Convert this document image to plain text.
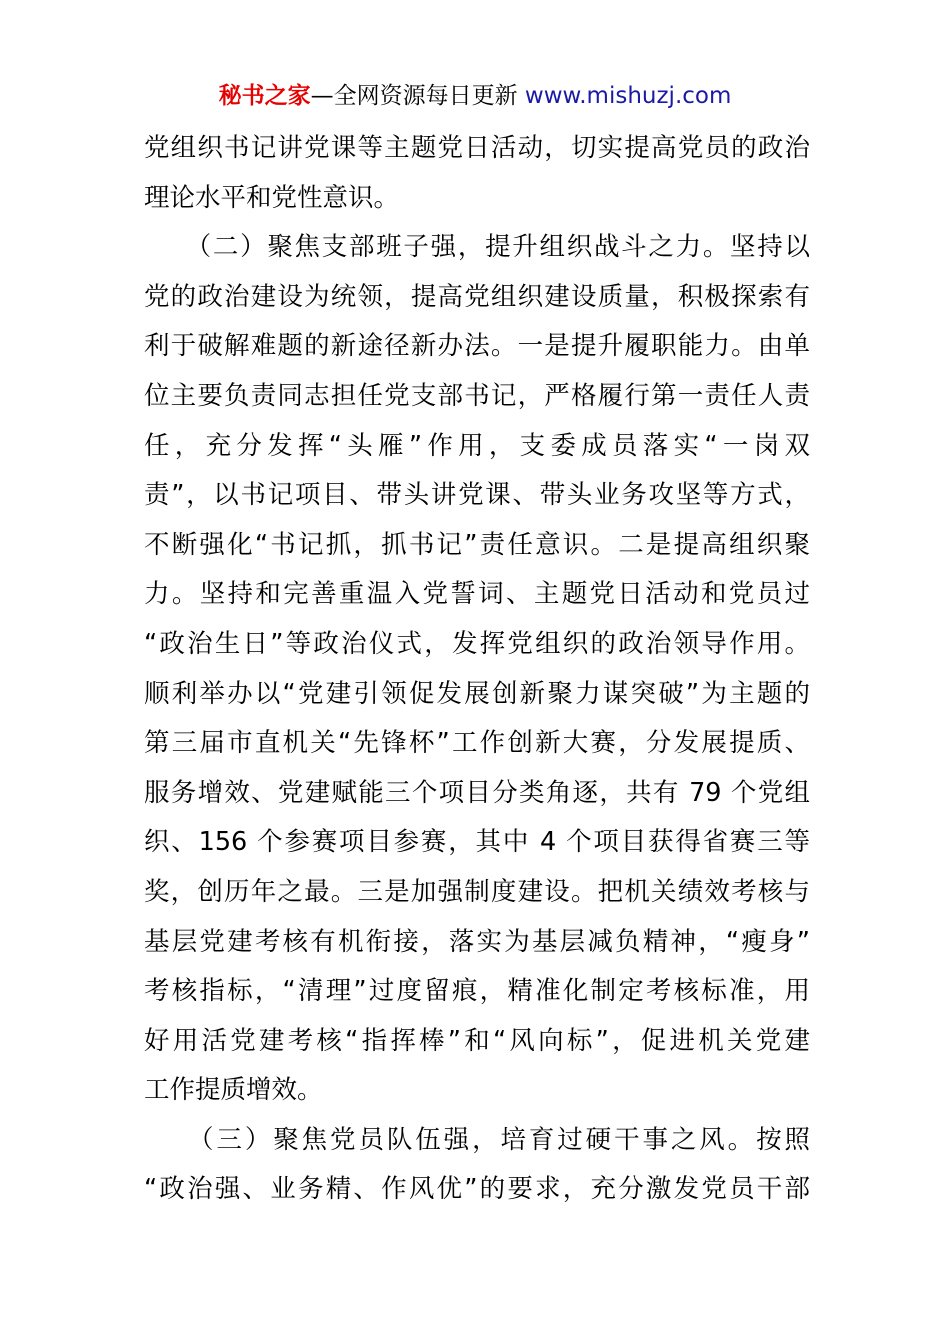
秘书之家—全网资源每日更新 www.mishuzj.com
党组织书记讲党课等主题党日活动，切实提高党员的政治
理论水平和党性意识。
　　（二）聚焦支部班子强，提升组织战斗之力。坚持以
党的政治建设为统领，提高党组织建设质量，积极探索有
利于破解难题的新途径新办法。一是提升履职能力。由单
位主要负责同志担任党支部书记，严格履行第一责任人责
任，充分发挥“头雁”作用，支委成员落实“一岗双
责”，以书记项目、带头讲党课、带头业务攻坚等方式，
不断强化“书记抓，抓书记”责任意识。二是提高组织聚
力。坚持和完善重温入党誓词、主题党日活动和党员过
“政治生日”等政治仪式，发挥党组织的政治领导作用。
顺利举办以“党建引领促发展创新聚力谋突破”为主题的
第三届市直机关“先锋杯”工作创新大赛，分发展提质、
服务增效、党建赋能三个项目分类角逐，共有 79 个党组
织、156 个参赛项目参赛，其中 4 个项目获得省赛三等
奖，创历年之最。三是加强制度建设。把机关绩效考核与
基层党建考核有机衔接，落实为基层减负精神，“瘦身”
考核指标，“清理”过度留痕，精准化制定考核标准，用
好用活党建考核“指挥棒”和“风向标”，促进机关党建
工作提质增效。
　　（三）聚焦党员队伍强，培育过硬干事之风。按照
“政治强、业务精、作风优”的要求，充分激发党员干部
